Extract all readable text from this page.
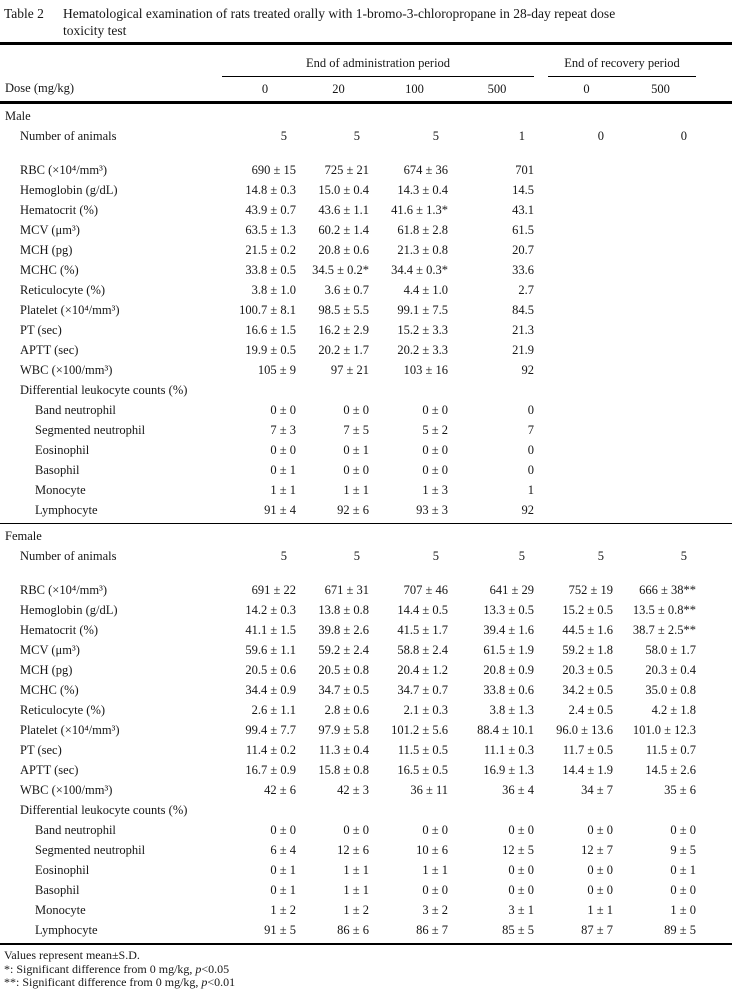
Table 2	Hematological examination of rats treated orally with 1-bromo-3-chloropropane in 28-day repeat dose
toxicity test
	End of administration period					End of recovery period		
Dose (mg/kg)	0	20	100	500		0	500	
Male								
Number of animals	5	5	5	1		0	0	

RBC (×10⁴/mm³)	690 ± 15	725 ± 21	674 ± 36	701				
Hemoglobin (g/dL)	14.8 ± 0.3	15.0 ± 0.4	14.3 ± 0.4	14.5				
Hematocrit (%)	43.9 ± 0.7	43.6 ± 1.1	41.6 ± 1.3*	43.1				
MCV (μm³)	63.5 ± 1.3	60.2 ± 1.4	61.8 ± 2.8	61.5				
MCH (pg)	21.5 ± 0.2	20.8 ± 0.6	21.3 ± 0.8	20.7				
MCHC (%)	33.8 ± 0.5	34.5 ± 0.2*	34.4 ± 0.3*	33.6				
Reticulocyte (%)	3.8 ± 1.0	3.6 ± 0.7	4.4 ± 1.0	2.7				
Platelet (×10⁴/mm³)	100.7 ± 8.1	98.5 ± 5.5	99.1 ± 7.5	84.5				
PT (sec)	16.6 ± 1.5	16.2 ± 2.9	15.2 ± 3.3	21.3				
APTT (sec)	19.9 ± 0.5	20.2 ± 1.7	20.2 ± 3.3	21.9				
WBC (×100/mm³)	105 ± 9	97 ± 21	103 ± 16	92				
Differential leukocyte counts (%)								
Band neutrophil	0 ± 0	0 ± 0	0 ± 0	0				
Segmented neutrophil	7 ± 3	7 ± 5	5 ± 2	7				
Eosinophil	0 ± 0	0 ± 1	0 ± 0	0				
Basophil	0 ± 1	0 ± 0	0 ± 0	0				
Monocyte	1 ± 1	1 ± 1	1 ± 3	1				
Lymphocyte	91 ± 4	92 ± 6	93 ± 3	92				
Female								
Number of animals	5	5	5	5		5	5	

RBC (×10⁴/mm³)	691 ± 22	671 ± 31	707 ± 46	641 ± 29		752 ± 19	666 ± 38**	
Hemoglobin (g/dL)	14.2 ± 0.3	13.8 ± 0.8	14.4 ± 0.5	13.3 ± 0.5		15.2 ± 0.5	13.5 ± 0.8**	
Hematocrit (%)	41.1 ± 1.5	39.8 ± 2.6	41.5 ± 1.7	39.4 ± 1.6		44.5 ± 1.6	38.7 ± 2.5**	
MCV (μm³)	59.6 ± 1.1	59.2 ± 2.4	58.8 ± 2.4	61.5 ± 1.9		59.2 ± 1.8	58.0 ± 1.7	
MCH (pg)	20.5 ± 0.6	20.5 ± 0.8	20.4 ± 1.2	20.8 ± 0.9		20.3 ± 0.5	20.3 ± 0.4	
MCHC (%)	34.4 ± 0.9	34.7 ± 0.5	34.7 ± 0.7	33.8 ± 0.6		34.2 ± 0.5	35.0 ± 0.8	
Reticulocyte (%)	2.6 ± 1.1	2.8 ± 0.6	2.1 ± 0.3	3.8 ± 1.3		2.4 ± 0.5	4.2 ± 1.8	
Platelet (×10⁴/mm³)	99.4 ± 7.7	97.9 ± 5.8	101.2 ± 5.6	88.4 ± 10.1		96.0 ± 13.6	101.0 ± 12.3	
PT (sec)	11.4 ± 0.2	11.3 ± 0.4	11.5 ± 0.5	11.1 ± 0.3		11.7 ± 0.5	11.5 ± 0.7	
APTT (sec)	16.7 ± 0.9	15.8 ± 0.8	16.5 ± 0.5	16.9 ± 1.3		14.4 ± 1.9	14.5 ± 2.6	
WBC (×100/mm³)	42 ± 6	42 ± 3	36 ± 11	36 ± 4		34 ± 7	35 ± 6	
Differential leukocyte counts (%)								
Band neutrophil	0 ± 0	0 ± 0	0 ± 0	0 ± 0		0 ± 0	0 ± 0	
Segmented neutrophil	6 ± 4	12 ± 6	10 ± 6	12 ± 5		12 ± 7	9 ± 5	
Eosinophil	0 ± 1	1 ± 1	1 ± 1	0 ± 0		0 ± 0	0 ± 1	
Basophil	0 ± 1	1 ± 1	0 ± 0	0 ± 0		0 ± 0	0 ± 0	
Monocyte	1 ± 2	1 ± 2	3 ± 2	3 ± 1		1 ± 1	1 ± 0	
Lymphocyte	91 ± 5	86 ± 6	86 ± 7	85 ± 5		87 ± 7	89 ± 5	
Values represent mean±S.D.
*: Significant difference from 0 mg/kg, p<0.05
**: Significant difference from 0 mg/kg, p<0.01
